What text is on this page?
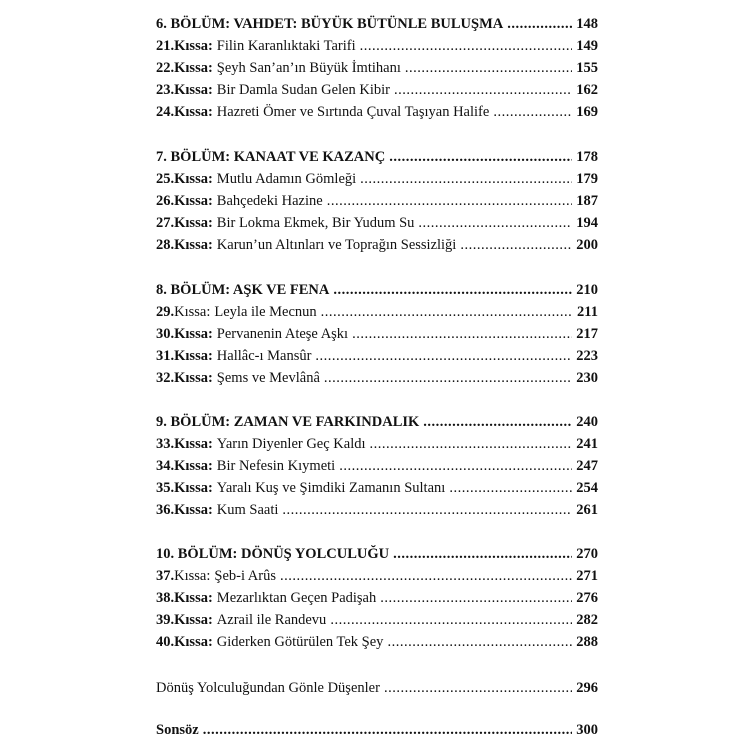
6. BÖLÜM: VAHDET: BÜYÜK BÜTÜNLE BULUŞMA .....	148
21.Kıssa: Filin Karanlıktaki Tarifi .....	149
22.Kıssa: Şeyh San’an’ın Büyük İmtihanı .....	155
23.Kıssa: Bir Damla Sudan Gelen Kibir .....	162
24.Kıssa: Hazreti Ömer ve Sırtında Çuval Taşıyan Halife .....	169
7. BÖLÜM: KANAAT VE KAZANÇ .....	178
25.Kıssa: Mutlu Adamın Gömleği .....	179
26.Kıssa: Bahçedeki Hazine .....	187
27.Kıssa: Bir Lokma Ekmek, Bir Yudum Su .....	194
28.Kıssa: Karun’un Altınları ve Toprağın Sessizliği .....	200
8. BÖLÜM: AŞK VE FENA .....	210
29. Kıssa: Leyla ile Mecnun .....	211
30.Kıssa: Pervanenin Ateşe Aşkı .....	217
31.Kıssa: Hallâc-ı Mansûr .....	223
32.Kıssa: Şems ve Mevlânâ .....	230
9. BÖLÜM: ZAMAN VE FARKINDALIK .....	240
33.Kıssa: Yarın Diyenler Geç Kaldı .....	241
34.Kıssa: Bir Nefesin Kıymeti .....	247
35.Kıssa: Yaralı Kuş ve Şimdiki Zamanın Sultanı .....	254
36.Kıssa: Kum Saati .....	261
10. BÖLÜM: DÖNÜŞ YOLCULUĞU .....	270
37. Kıssa: Şeb-i Arûs .....	271
38.Kıssa: Mezarlıktan Geçen Padişah .....	276
39.Kıssa: Azrail ile Randevu .....	282
40.Kıssa: Giderken Götürülen Tek Şey .....	288
Dönüş Yolculuğundan Gönle Düşenler .....	296
Sonsöz .....	300
